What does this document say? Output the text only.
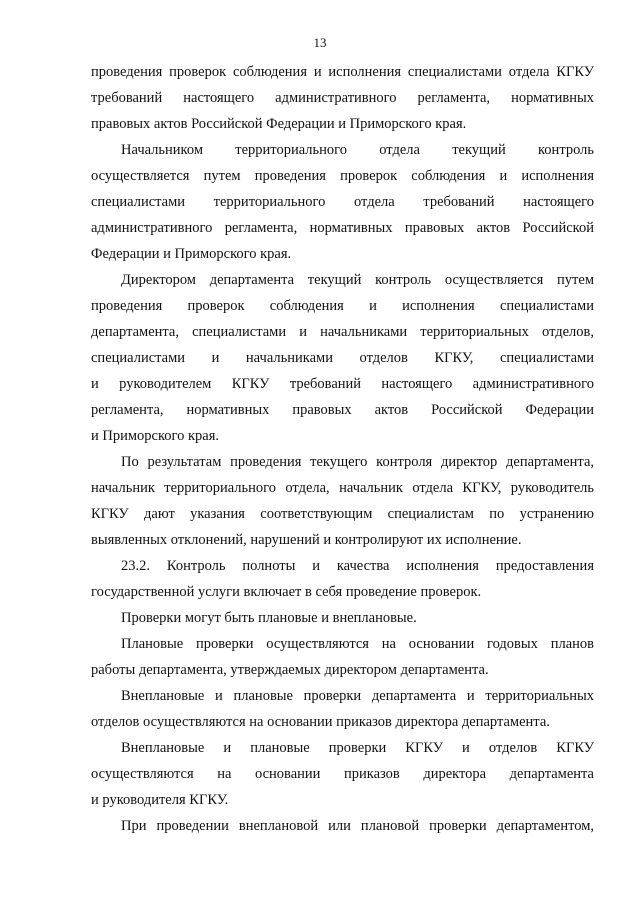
13
проведения проверок соблюдения и исполнения специалистами отдела КГКУ
требований настоящего административного регламента, нормативных
правовых актов Российской Федерации и Приморского края.
Начальником территориального отдела текущий контроль
осуществляется путем проведения проверок соблюдения и исполнения
специалистами территориального отдела требований настоящего
административного регламента, нормативных правовых актов Российской
Федерации и Приморского края.
Директором департамента текущий контроль осуществляется путем
проведения проверок соблюдения и исполнения специалистами
департамента, специалистами и начальниками территориальных отделов,
специалистами и начальниками отделов КГКУ, специалистами
и руководителем КГКУ требований настоящего административного
регламента, нормативных правовых актов Российской Федерации
и Приморского края.
По результатам проведения текущего контроля директор департамента,
начальник территориального отдела, начальник отдела КГКУ, руководитель
КГКУ дают указания соответствующим специалистам по устранению
выявленных отклонений, нарушений и контролируют их исполнение.
23.2. Контроль полноты и качества исполнения предоставления
государственной услуги включает в себя проведение проверок.
Проверки могут быть плановые и внеплановые.
Плановые проверки осуществляются на основании годовых планов
работы департамента, утверждаемых директором департамента.
Внеплановые и плановые проверки департамента и территориальных
отделов осуществляются на основании приказов директора департамента.
Внеплановые и плановые проверки КГКУ и отделов КГКУ
осуществляются на основании приказов директора департамента
и руководителя КГКУ.
При проведении внеплановой или плановой проверки департаментом,
